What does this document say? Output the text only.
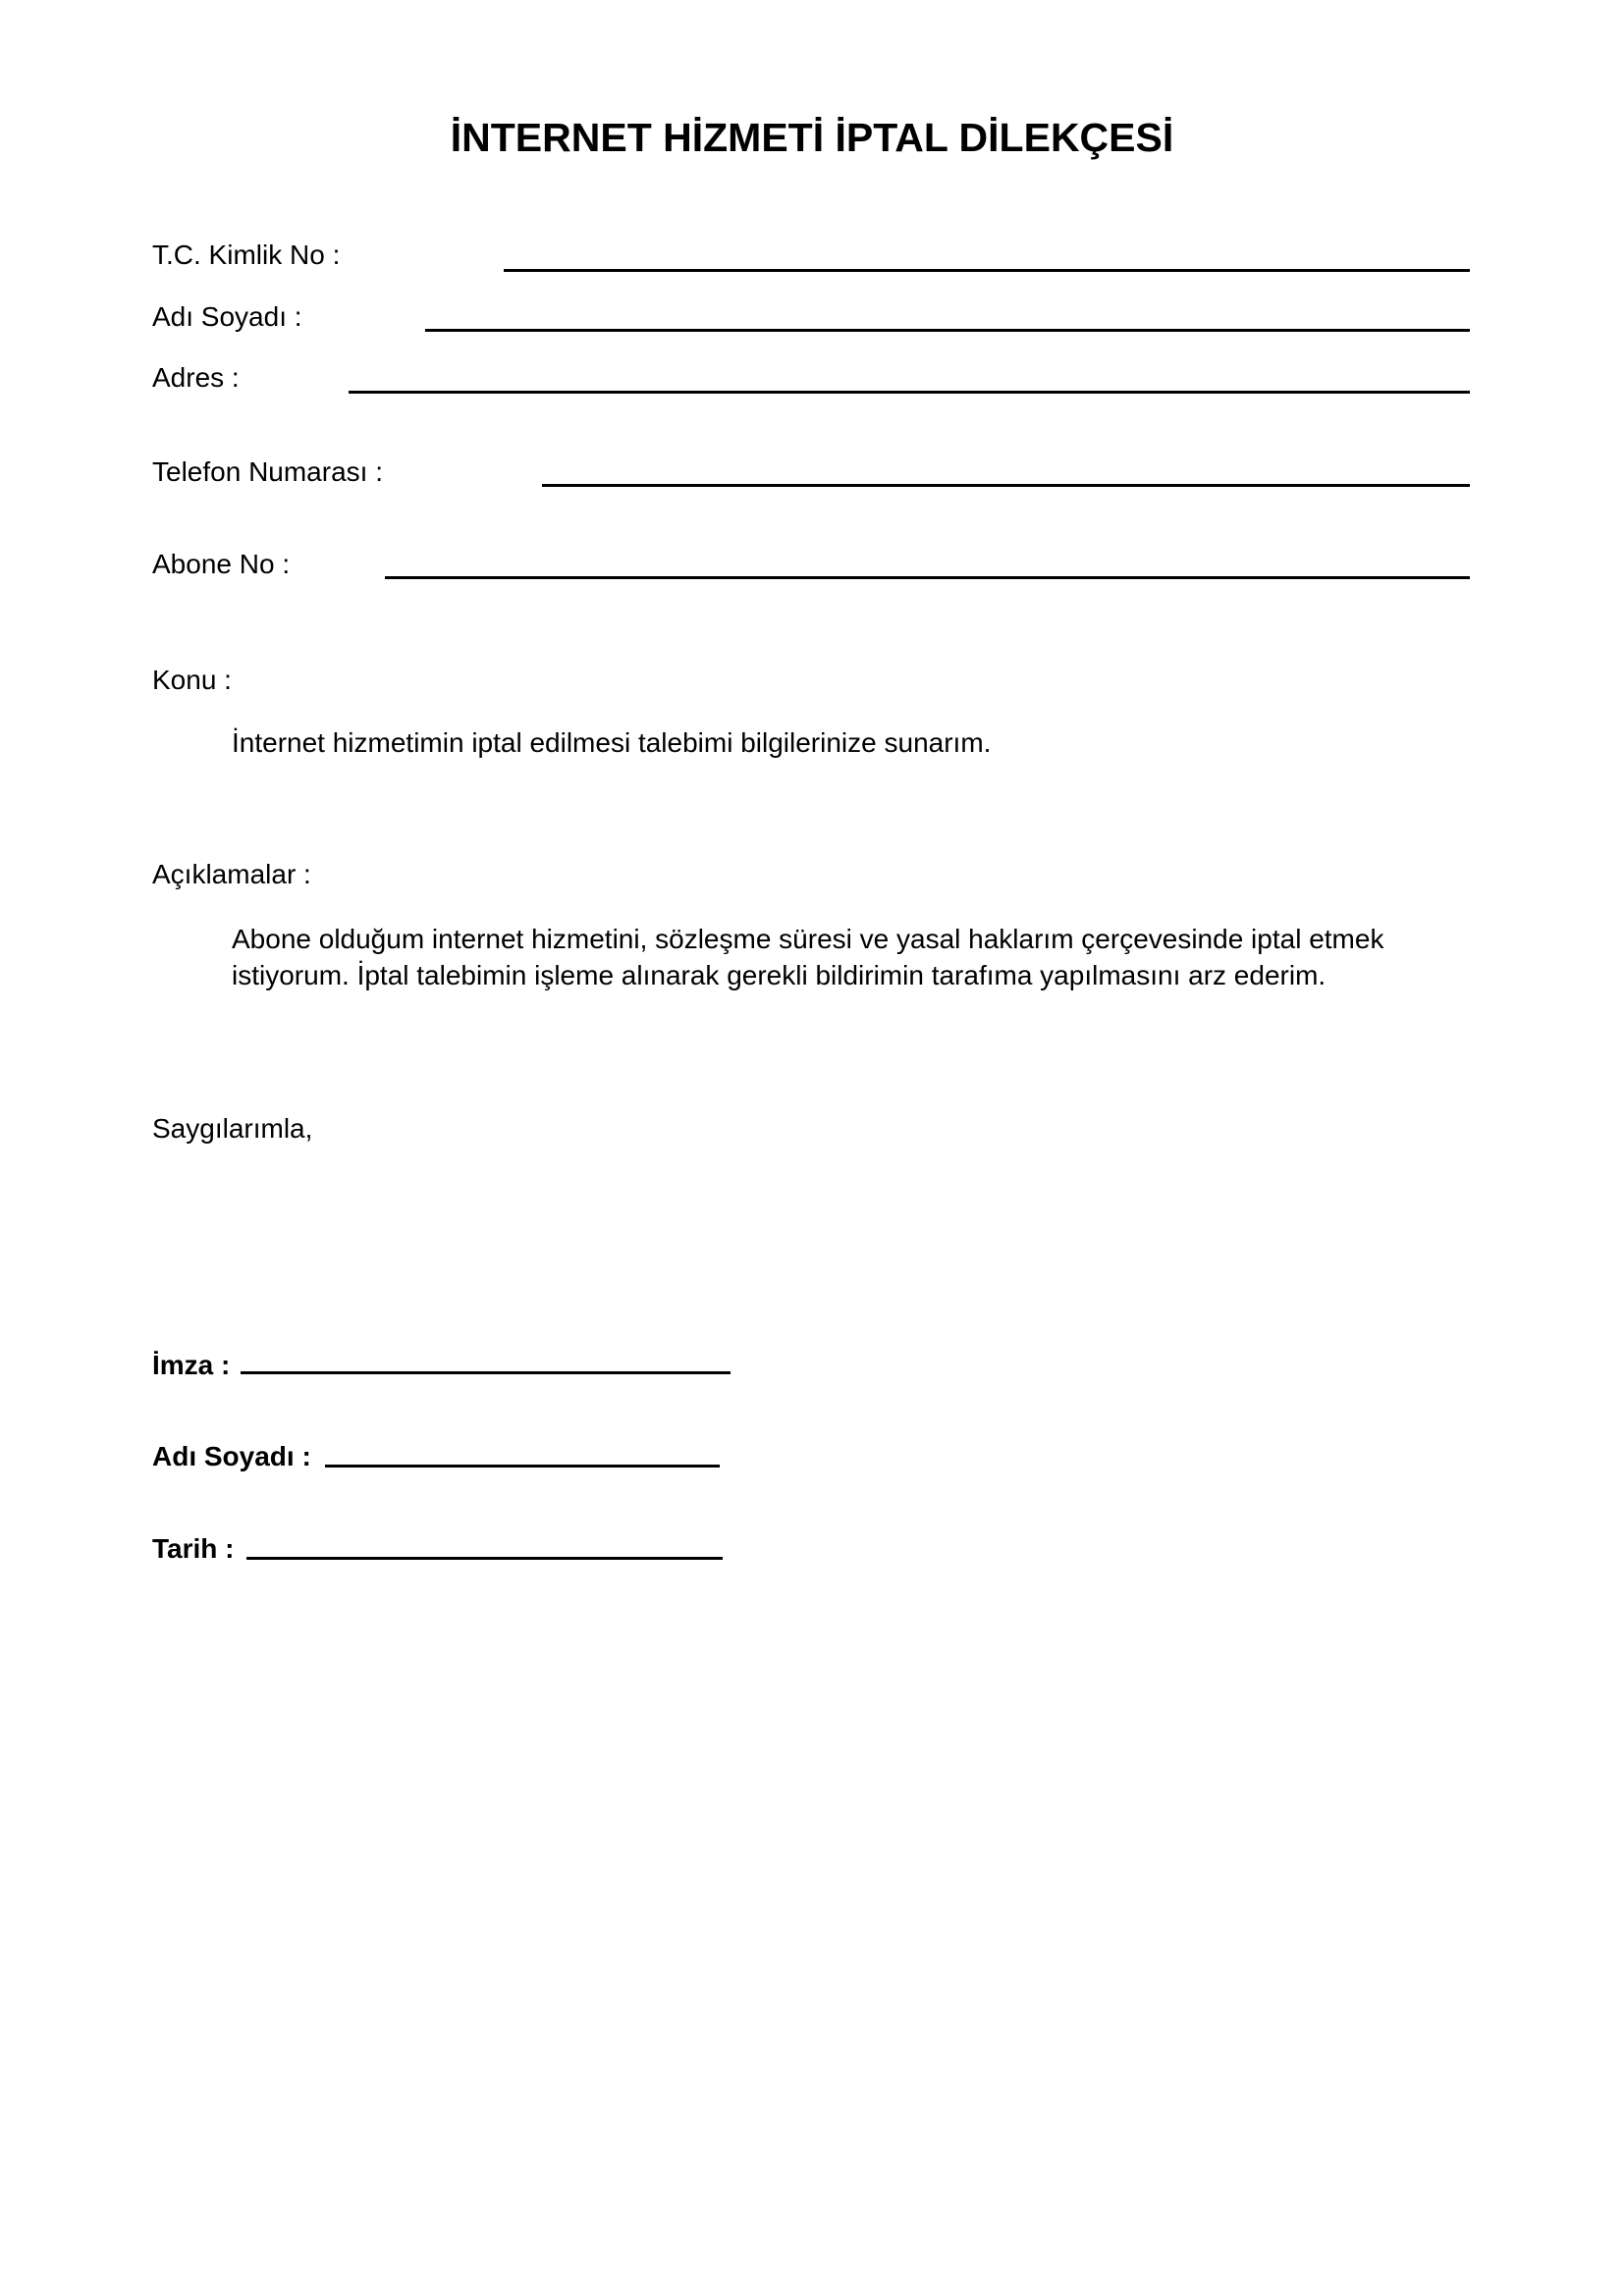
İNTERNET HİZMETİ İPTAL DİLEKÇESİ
T.C. Kimlik No :
Adı Soyadı :
Adres :
Telefon Numarası :
Abone No :
Konu :
İnternet hizmetimin iptal edilmesi talebimi bilgilerinize sunarım.
Açıklamalar :
Abone olduğum internet hizmetini, sözleşme süresi ve yasal haklarım çerçevesinde iptal etmek istiyorum. İptal talebimin işleme alınarak gerekli bildirimin tarafıma yapılmasını arz ederim.
Saygılarımla,
İmza :
Adı Soyadı :
Tarih :
